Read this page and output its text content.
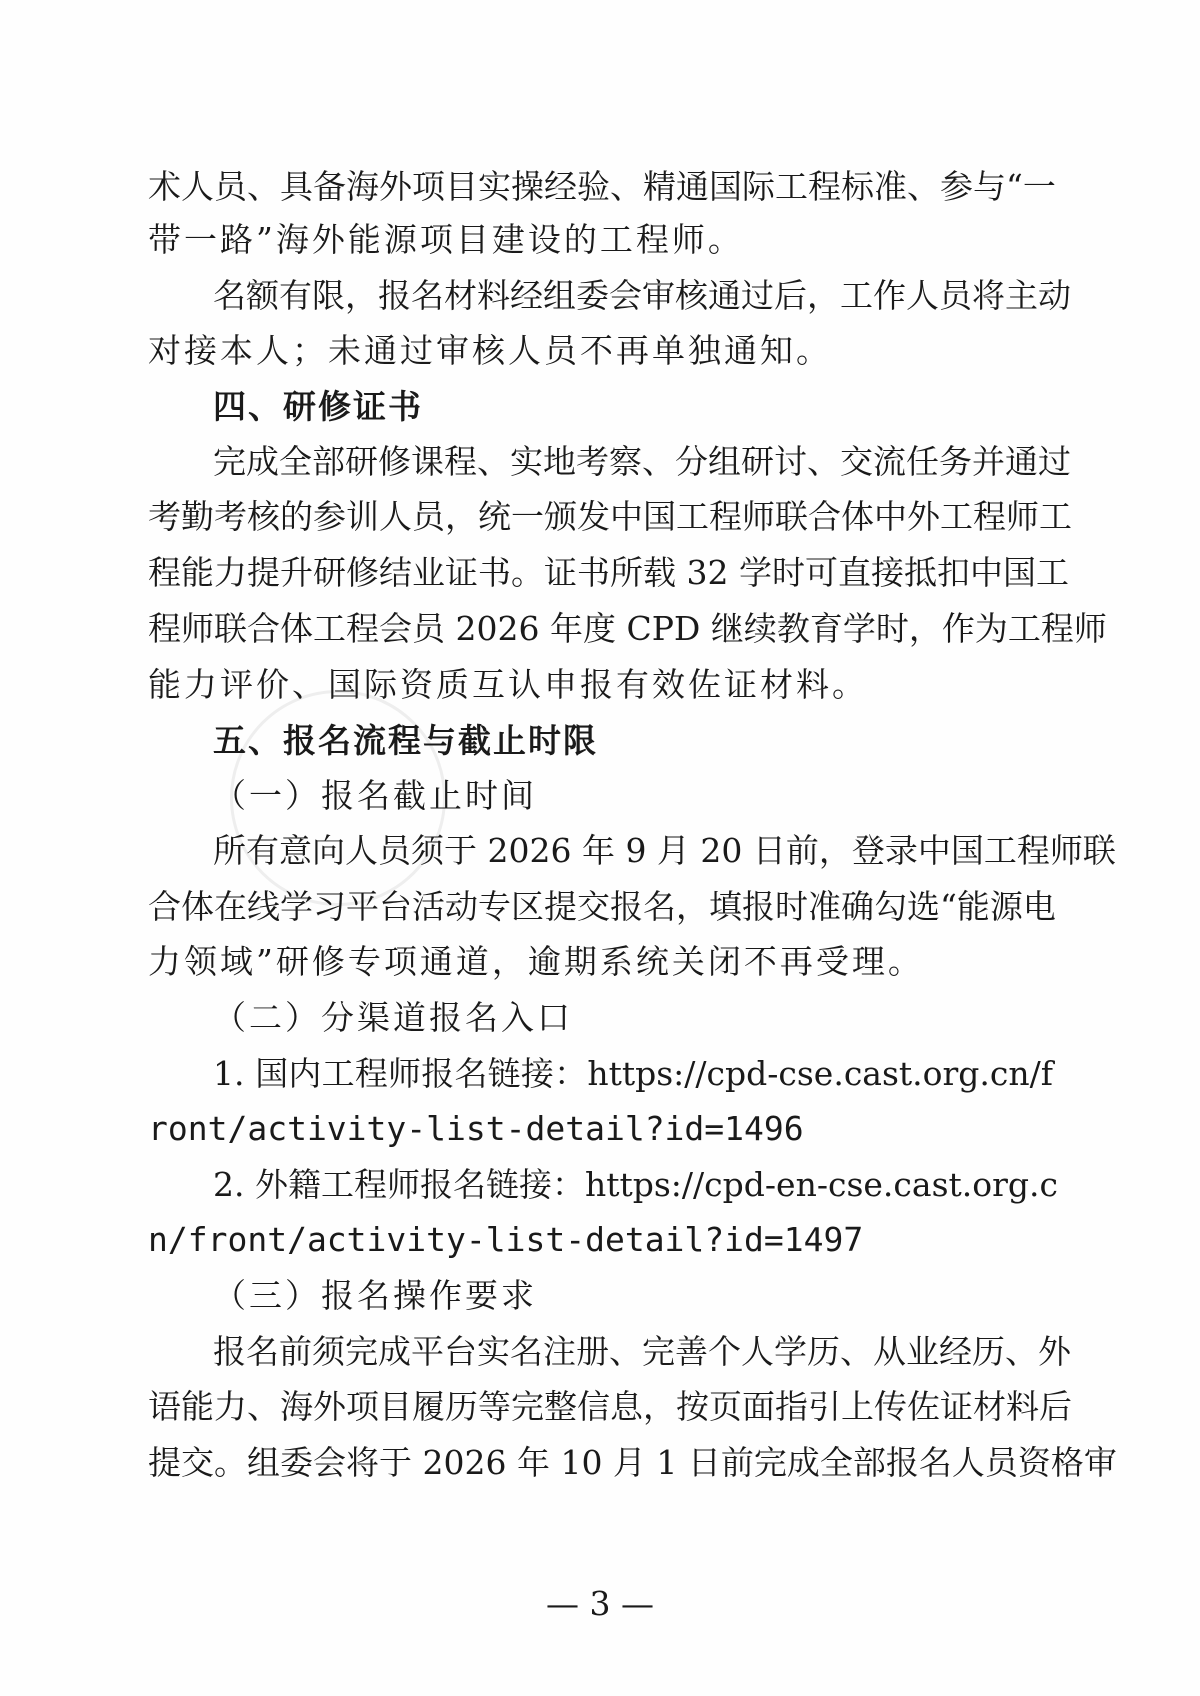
术人员、具备海外项目实操经验、精通国际工程标准、参与“一
带一路”海外能源项目建设的工程师。
名额有限，报名材料经组委会审核通过后，工作人员将主动
对接本人；未通过审核人员不再单独通知。
四、研修证书
完成全部研修课程、实地考察、分组研讨、交流任务并通过
考勤考核的参训人员，统一颁发中国工程师联合体中外工程师工
程能力提升研修结业证书。证书所载 32 学时可直接抵扣中国工
程师联合体工程会员 2026 年度 CPD 继续教育学时，作为工程师
能力评价、国际资质互认申报有效佐证材料。
五、报名流程与截止时限
（一）报名截止时间
所有意向人员须于 2026 年 9 月 20 日前，登录中国工程师联
合体在线学习平台活动专区提交报名，填报时准确勾选“能源电
力领域”研修专项通道，逾期系统关闭不再受理。
（二）分渠道报名入口
1. 国内工程师报名链接：https://cpd-cse.cast.org.cn/f
ront/activity-list-detail?id=1496
2. 外籍工程师报名链接：https://cpd-en-cse.cast.org.c
n/front/activity-list-detail?id=1497
（三）报名操作要求
报名前须完成平台实名注册、完善个人学历、从业经历、外
语能力、海外项目履历等完整信息，按页面指引上传佐证材料后
提交。组委会将于 2026 年 10 月 1 日前完成全部报名人员资格审
— 3 —
